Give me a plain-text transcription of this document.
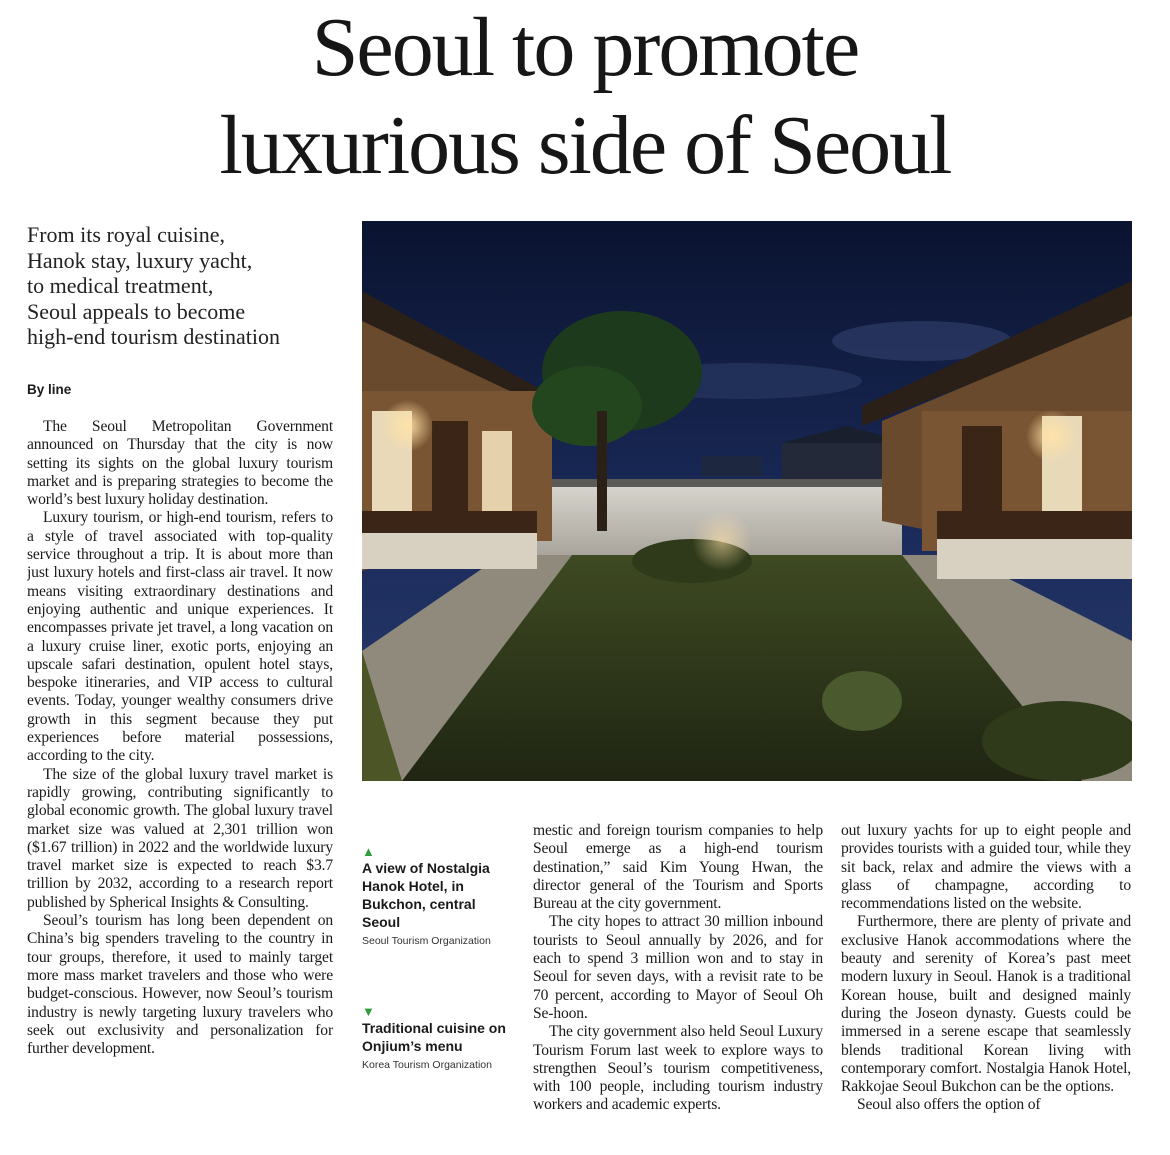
Seoul to promote
luxurious side of Seoul
From its royal cuisine,
Hanok stay, luxury yacht,
to medical treatment,
Seoul appeals to become
high-end tourism destination
By line

The Seoul Metropolitan Government announced on Thursday that the city is now setting its sights on the global luxury tourism market and is preparing strategies to become the world’s best luxury holiday destination.

Luxury tourism, or high-end tourism, refers to a style of travel associated with top-quality service throughout a trip. It is about more than just luxury hotels and first-class air travel. It now means visiting extraordinary destinations and enjoying authentic and unique experiences. It encompasses private jet travel, a long vacation on a luxury cruise liner, exotic ports, enjoying an upscale safari destination, opulent hotel stays, bespoke itineraries, and VIP access to cultural events. Today, younger wealthy consumers drive growth in this segment because they put experiences before material possessions, according to the city.

The size of the global luxury travel market is rapidly growing, contributing significantly to global economic growth. The global luxury travel market size was valued at 2,301 trillion won ($1.67 trillion) in 2022 and the worldwide luxury travel market size is expected to reach $3.7 trillion by 2032, according to a research report published by Spherical Insights & Consulting.

Seoul’s tourism has long been dependent on China’s big spenders traveling to the country in tour groups, therefore, it used to mainly target more mass market travelers and those who were budget-conscious. However, now Seoul’s tourism industry is newly targeting luxury travelers who seek out exclusivity and personalization for further development.

▲
A view of Nostalgia Hanok Hotel, in Bukchon, central Seoul
Seoul Tourism Organization
▼
Traditional cuisine on Onjium’s menu
Korea Tourism Organization

mestic and foreign tourism companies to help Seoul emerge as a high-end tourism destination,” said Kim Young Hwan, the director general of the Tourism and Sports Bureau at the city government.

The city hopes to attract 30 million inbound tourists to Seoul annually by 2026, and for each to spend 3 million won and to stay in Seoul for seven days, with a revisit rate to be 70 percent, according to Mayor of Seoul Oh Se-hoon.

The city government also held Seoul Luxury Tourism Forum last week to explore ways to strengthen Seoul’s tourism competitiveness, with 100 people, including tourism industry workers and academic experts.

out luxury yachts for up to eight people and provides tourists with a guided tour, while they sit back, relax and admire the views with a glass of champagne, according to recommendations listed on the website.

Furthermore, there are plenty of private and exclusive Hanok accommodations where the beauty and serenity of Korea’s past meet modern luxury in Seoul. Hanok is a traditional Korean house, built and designed mainly during the Joseon dynasty. Guests could be immersed in a serene escape that seamlessly blends traditional Korean living with contemporary comfort. Nostalgia Hanok Hotel, Rakkojae Seoul Bukchon can be the options.

Seoul also offers the option of
